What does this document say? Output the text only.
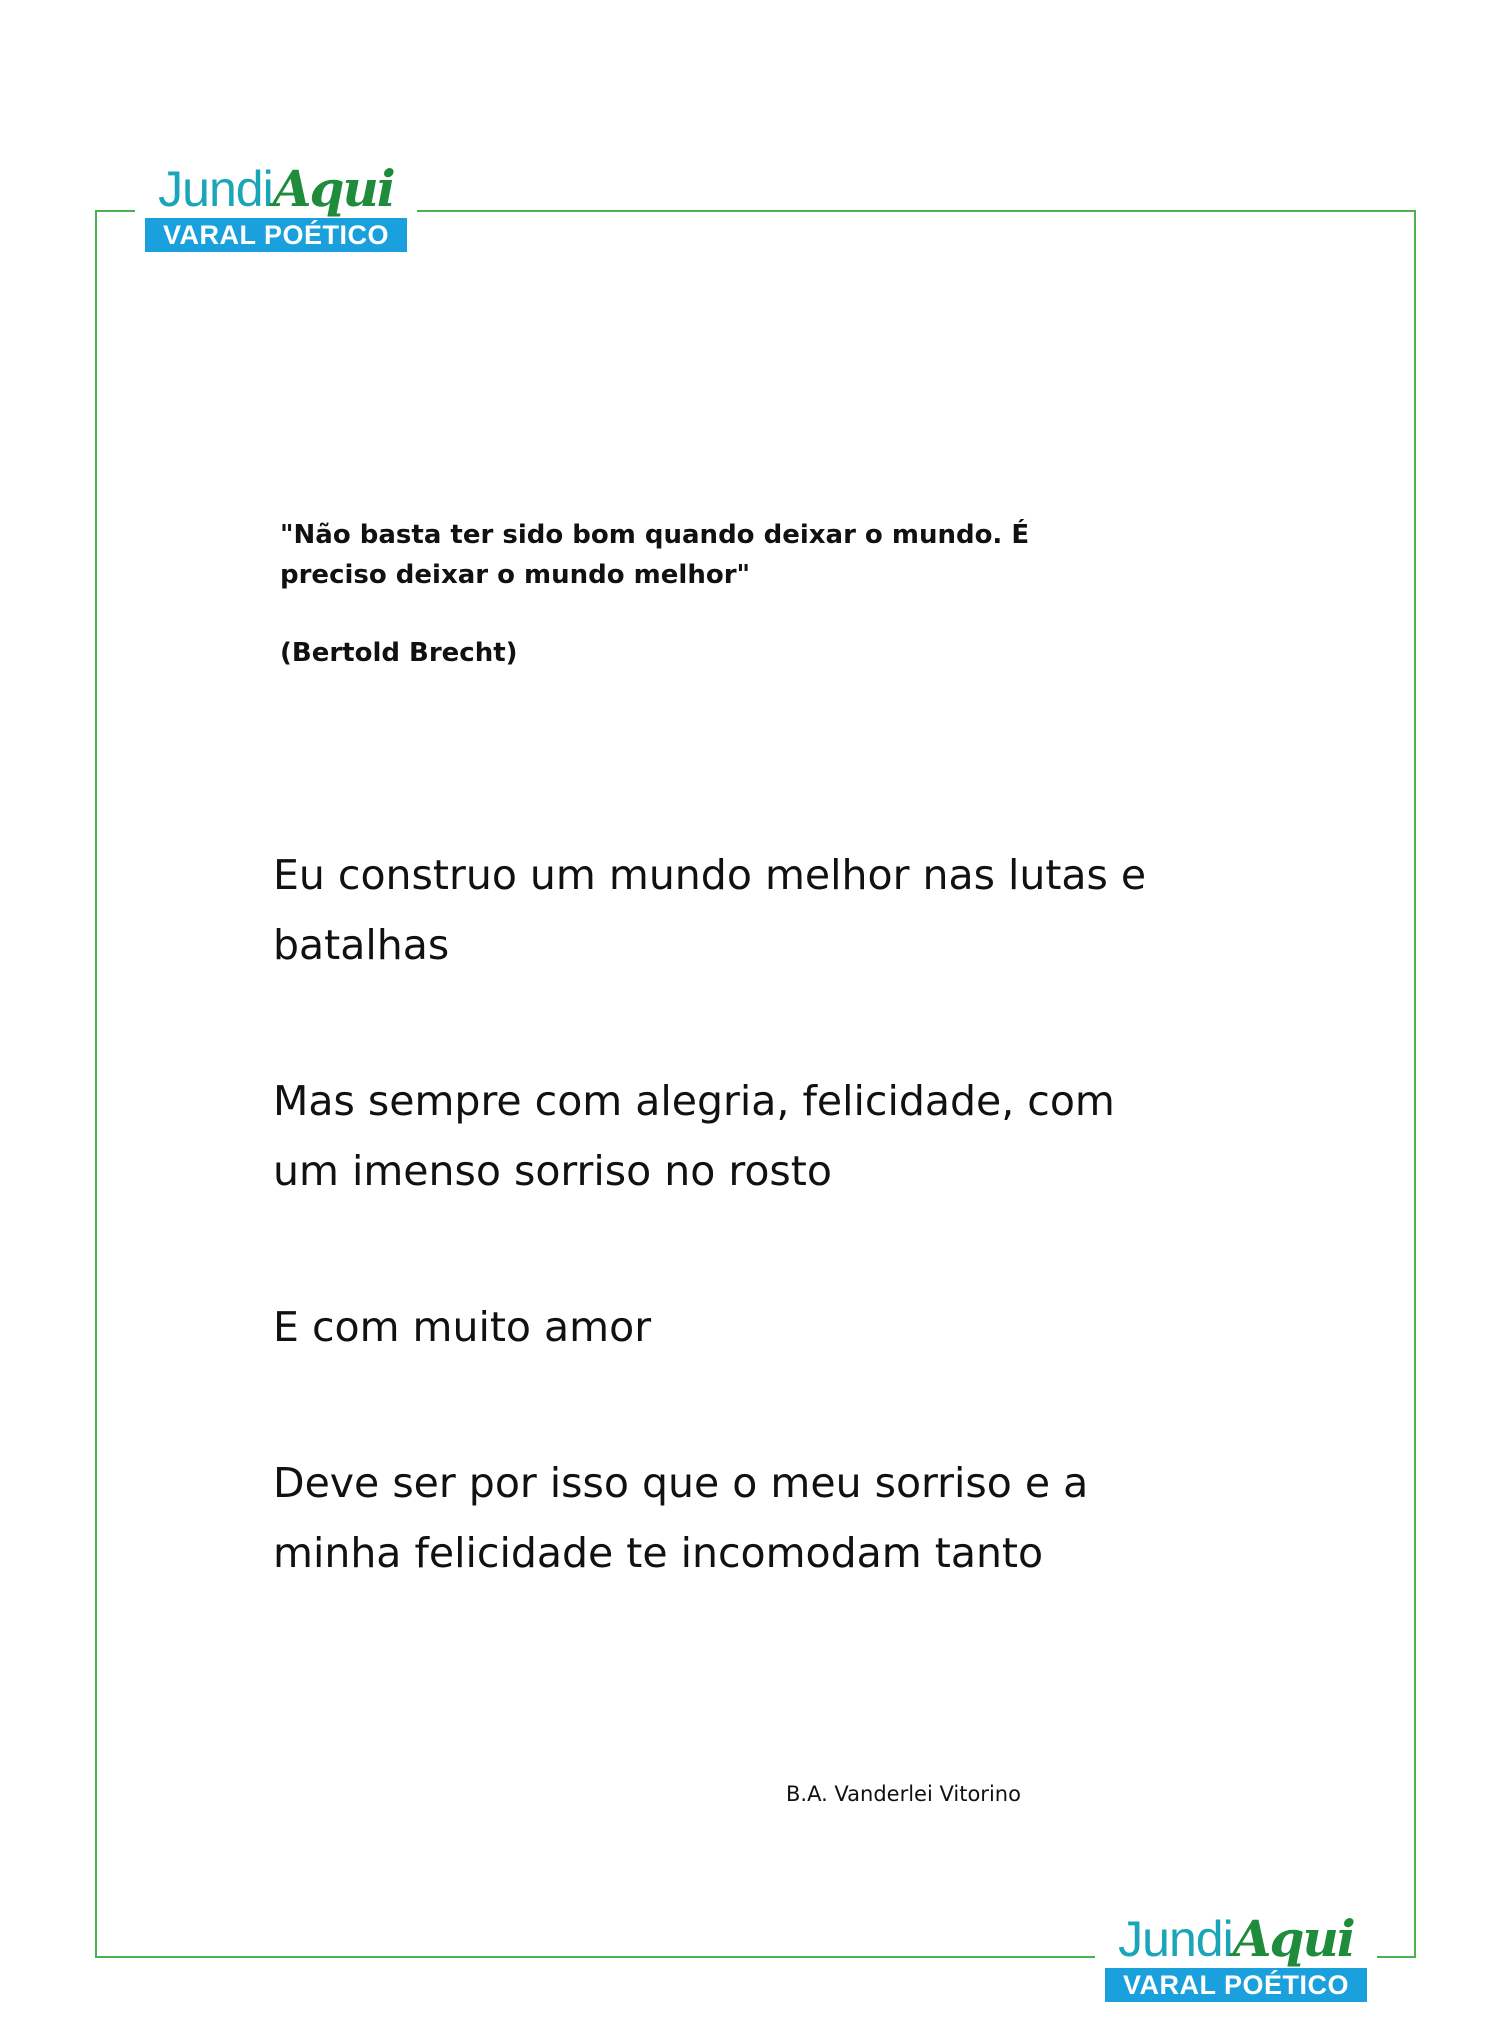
JundiAqui
VARAL POÉTICO
"Não basta ter sido bom quando deixar o mundo. É preciso deixar o mundo melhor"
(Bertold Brecht)

Eu construo um mundo melhor nas lutas e batalhas

Mas sempre com alegria, felicidade, com um imenso sorriso no rosto

E com muito amor

Deve ser por isso que o meu sorriso e a minha felicidade te incomodam tanto

B.A. Vanderlei Vitorino
JundiAqui
VARAL POÉTICO
